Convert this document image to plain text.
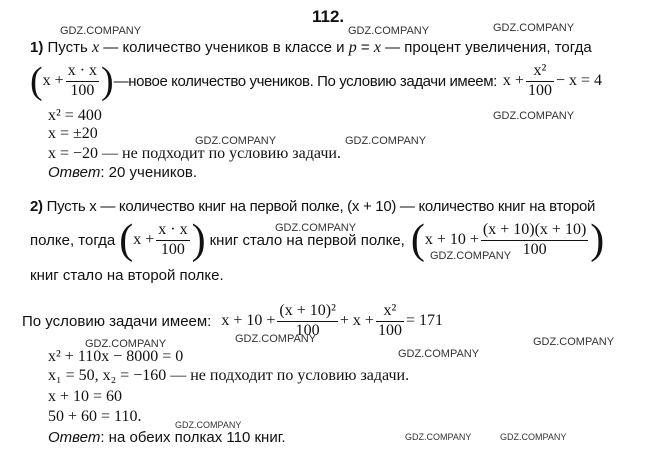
112.
GDZ.COMPANY	GDZ.COMPANY	GDZ.COMPANY
GDZ.COMPANY
GDZ.COMPANY	GDZ.COMPANY
GDZ.COMPANY
GDZ.COMPANY
GDZ.COMPANY	GDZ.COMPANY
GDZ.COMPANY
GDZ.COMPANY
GDZ.COMPANY
GDZ.COMPANY	GDZ.COMPANY
1) Пусть x — количество учеников в классе и p = x — процент увеличения, тогда
( $x + \frac{x \cdot x}{100}$ ) —новое количество учеников. По условию задачи имеем: $x + \frac{\text{x²}}{100} - x = 4$
x² = 400
x = ±20
x = −20 — не подходит по условию задачи.
Ответ: 20 учеников.
2) Пусть x — количество книг на первой полке, (x + 10) — количество книг на второй
полке, тогда ( $x + \frac{x \cdot x}{100}$ ) книг стало на первой полке, ( $x + 10 + \frac{(x + 10)(x + 10)}{100}$ )
книг стало на второй полке.
По условию задачи имеем: $x + 10 + \frac{\text{(x + 10)²}}{100} + x + \frac{\text{x²}}{100} = 171$
x² + 110x − 8000 = 0
x₁ = 50, x₂ = −160 — не подходит по условию задачи.
x + 10 = 60
50 + 60 = 110.
Ответ: на обеих полках 110 книг.
